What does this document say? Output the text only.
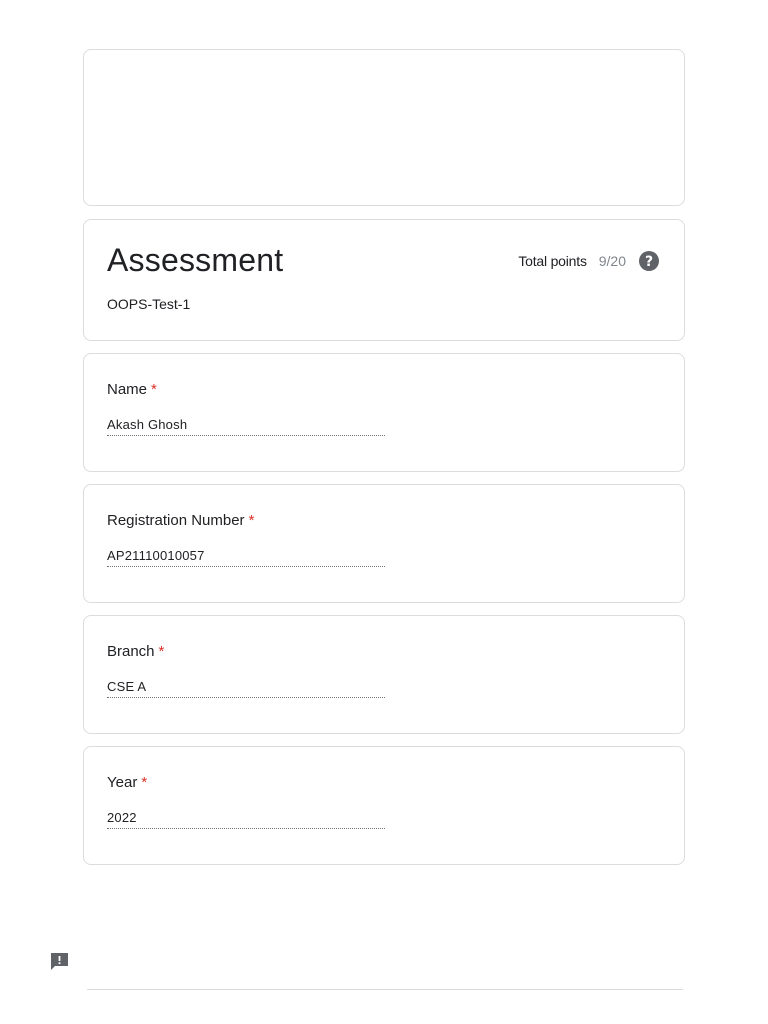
Assessment
OOPS-Test-1
Total points 9/20 ?
Name *
Akash Ghosh
Registration Number *
AP21110010057
Branch *
CSE A
Year *
2022
